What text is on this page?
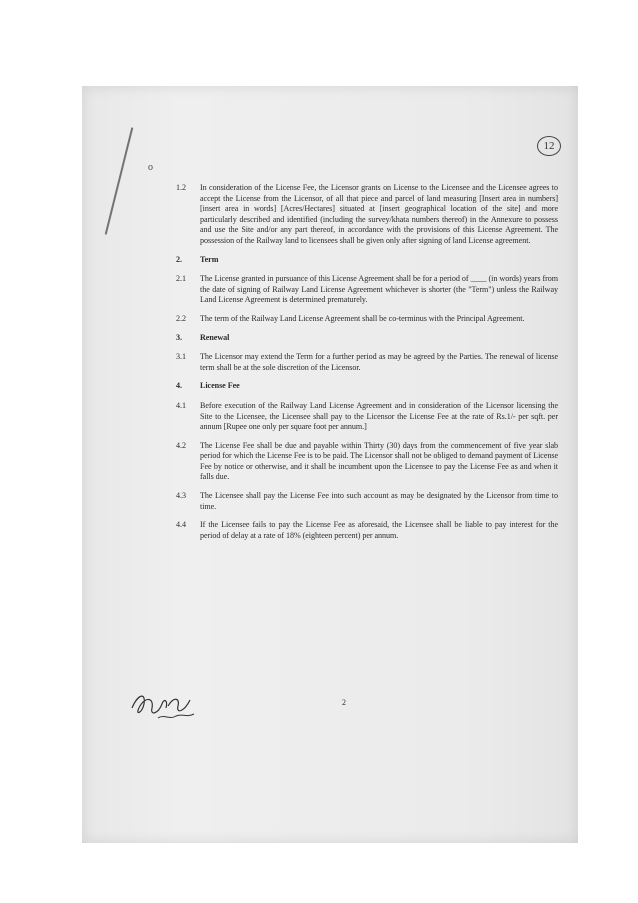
o
12

1.2 In consideration of the License Fee, the Licensor grants on License to the Licensee and the Licensee agrees to accept the License from the Licensor, of all that piece and parcel of land measuring [Insert area in numbers] [insert area in words] [Acres/Hectares] situated at [insert geographical location of the site] and more particularly described and identified (including the survey/khata numbers thereof) in the Annexure to possess and use the Site and/or any part thereof, in accordance with the provisions of this License Agreement. The possession of the Railway land to licensees shall be given only after signing of land License agreement.

2. Term

2.1 The License granted in pursuance of this License Agreement shall be for a period of ____ (in words) years from the date of signing of Railway Land License Agreement whichever is shorter (the "Term") unless the Railway Land License Agreement is determined prematurely.

2.2 The term of the Railway Land License Agreement shall be co-terminus with the Principal Agreement.

3. Renewal

3.1 The Licensor may extend the Term for a further period as may be agreed by the Parties. The renewal of license term shall be at the sole discretion of the Licensor.

4. License Fee

4.1 Before execution of the Railway Land License Agreement and in consideration of the Licensor licensing the Site to the Licensee, the Licensee shall pay to the Licensor the License Fee at the rate of Rs.1/- per sqft. per annum [Rupee one only per square foot per annum.]

4.2 The License Fee shall be due and payable within Thirty (30) days from the commencement of five year slab period for which the License Fee is to be paid. The Licensor shall not be obliged to demand payment of License Fee by notice or otherwise, and it shall be incumbent upon the Licensee to pay the License Fee as and when it falls due.

4.3 The Licensee shall pay the License Fee into such account as may be designated by the Licensor from time to time.

4.4 If the Licensee fails to pay the License Fee as aforesaid, the Licensee shall be liable to pay interest for the period of delay at a rate of 18% (eighteen percent) per annum.

2
